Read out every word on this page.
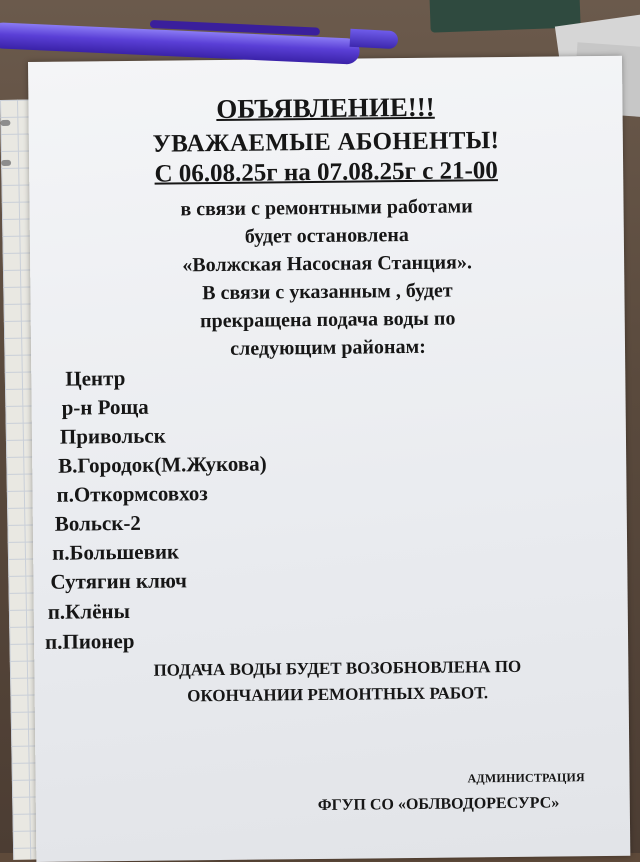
ОБЪЯВЛЕНИЕ!!!
УВАЖАЕМЫЕ АБОНЕНТЫ!
С 06.08.25г на 07.08.25г с 21-00
в связи с ремонтными работами
будет остановлена
«Волжская Насосная Станция».
В связи с указанным , будет
прекращена подача воды по
следующим районам:
Центр
р-н Роща
Привольск
В.Городок(М.Жукова)
п.Откормсовхоз
Вольск-2
п.Большевик
Сутягин ключ
п.Клёны
п.Пионер
ПОДАЧА ВОДЫ БУДЕТ ВОЗОБНОВЛЕНА ПО
ОКОНЧАНИИ РЕМОНТНЫХ РАБОТ.
АДМИНИСТРАЦИЯ
ФГУП СО «ОБЛВОДОРЕСУРС»
